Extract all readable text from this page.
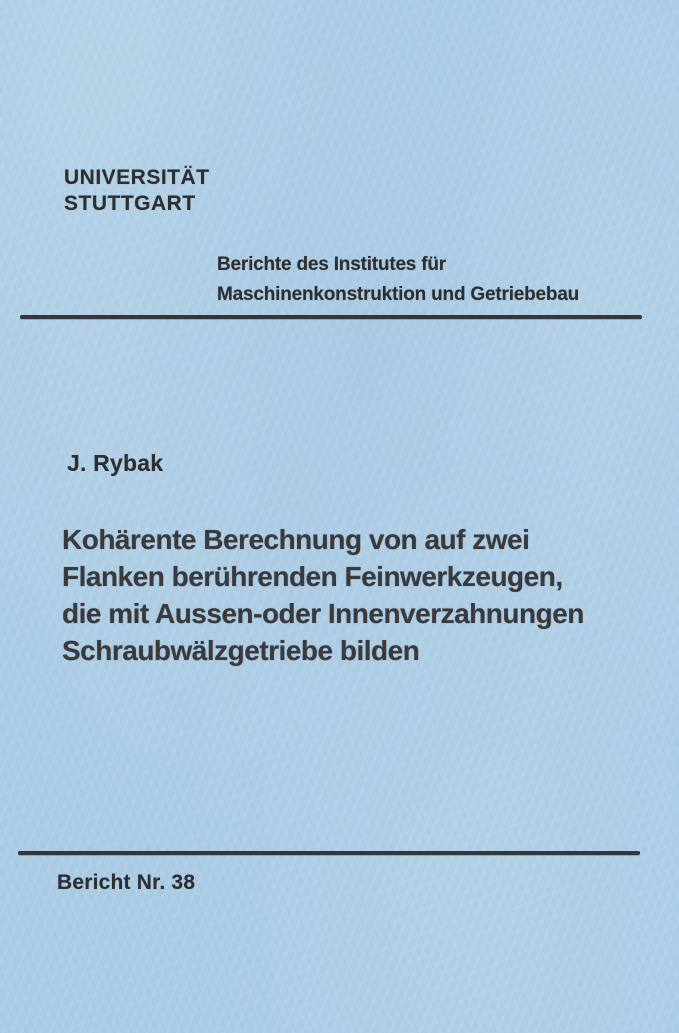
UNIVERSITÄT
STUTTGART
Berichte des Institutes für
Maschinenkonstruktion und Getriebebau
J. Rybak
Kohärente Berechnung von auf zwei
Flanken berührenden Feinwerkzeugen,
die mit Aussen-oder Innenverzahnungen
Schraubwälzgetriebe bilden
Bericht Nr. 38
